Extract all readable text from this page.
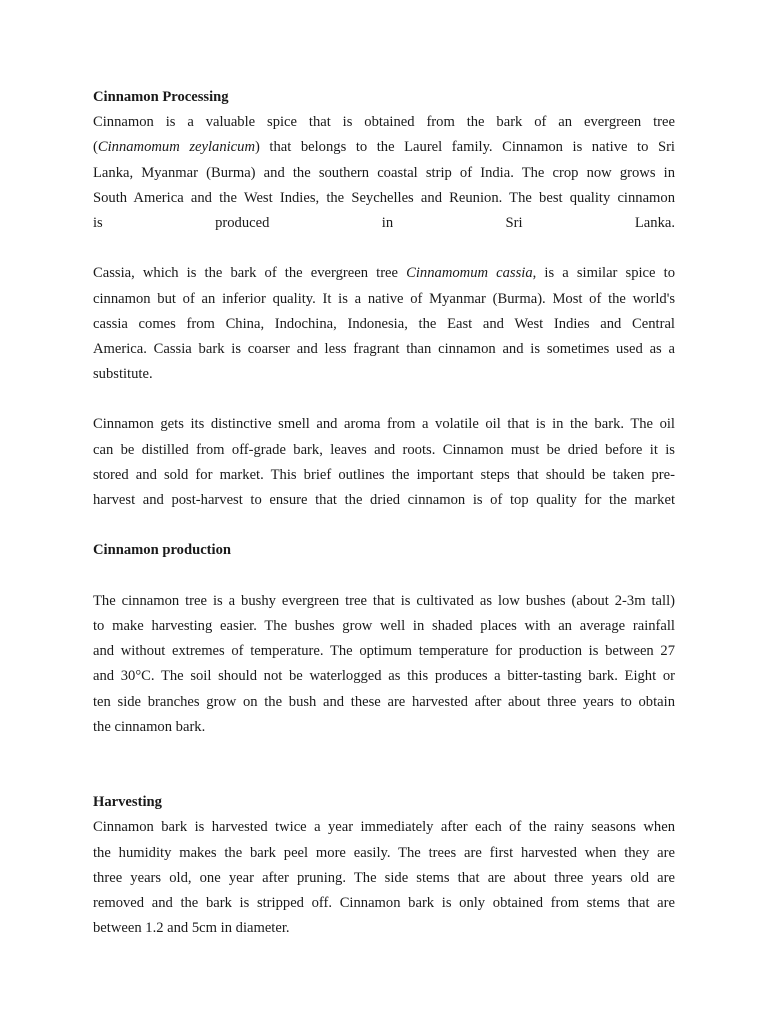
Cinnamon Processing
Cinnamon is a valuable spice that is obtained from the bark of an evergreen tree
(Cinnamomum zeylanicum) that belongs to the Laurel family. Cinnamon is native to Sri
Lanka, Myanmar (Burma) and the southern coastal strip of India. The crop now grows in
South America and the West Indies, the Seychelles and Reunion. The best quality cinnamon
is produced in Sri Lanka.
Cassia, which is the bark of the evergreen tree Cinnamomum cassia, is a similar spice to
cinnamon but of an inferior quality. It is a native of Myanmar (Burma). Most of the world's
cassia comes from China, Indochina, Indonesia, the East and West Indies and Central
America. Cassia bark is coarser and less fragrant than cinnamon and is sometimes used as a
substitute.
Cinnamon gets its distinctive smell and aroma from a volatile oil that is in the bark. The oil
can be distilled from off-grade bark, leaves and roots. Cinnamon must be dried before it is
stored and sold for market. This brief outlines the important steps that should be taken pre-
harvest and post-harvest to ensure that the dried cinnamon is of top quality for the market
Cinnamon production
The cinnamon tree is a bushy evergreen tree that is cultivated as low bushes (about 2-3m tall)
to make harvesting easier. The bushes grow well in shaded places with an average rainfall
and without extremes of temperature. The optimum temperature for production is between 27
and 30°C. The soil should not be waterlogged as this produces a bitter-tasting bark. Eight or
ten side branches grow on the bush and these are harvested after about three years to obtain
the cinnamon bark.
Harvesting
Cinnamon bark is harvested twice a year immediately after each of the rainy seasons when
the humidity makes the bark peel more easily. The trees are first harvested when they are
three years old, one year after pruning. The side stems that are about three years old are
removed and the bark is stripped off. Cinnamon bark is only obtained from stems that are
between 1.2 and 5cm in diameter.
